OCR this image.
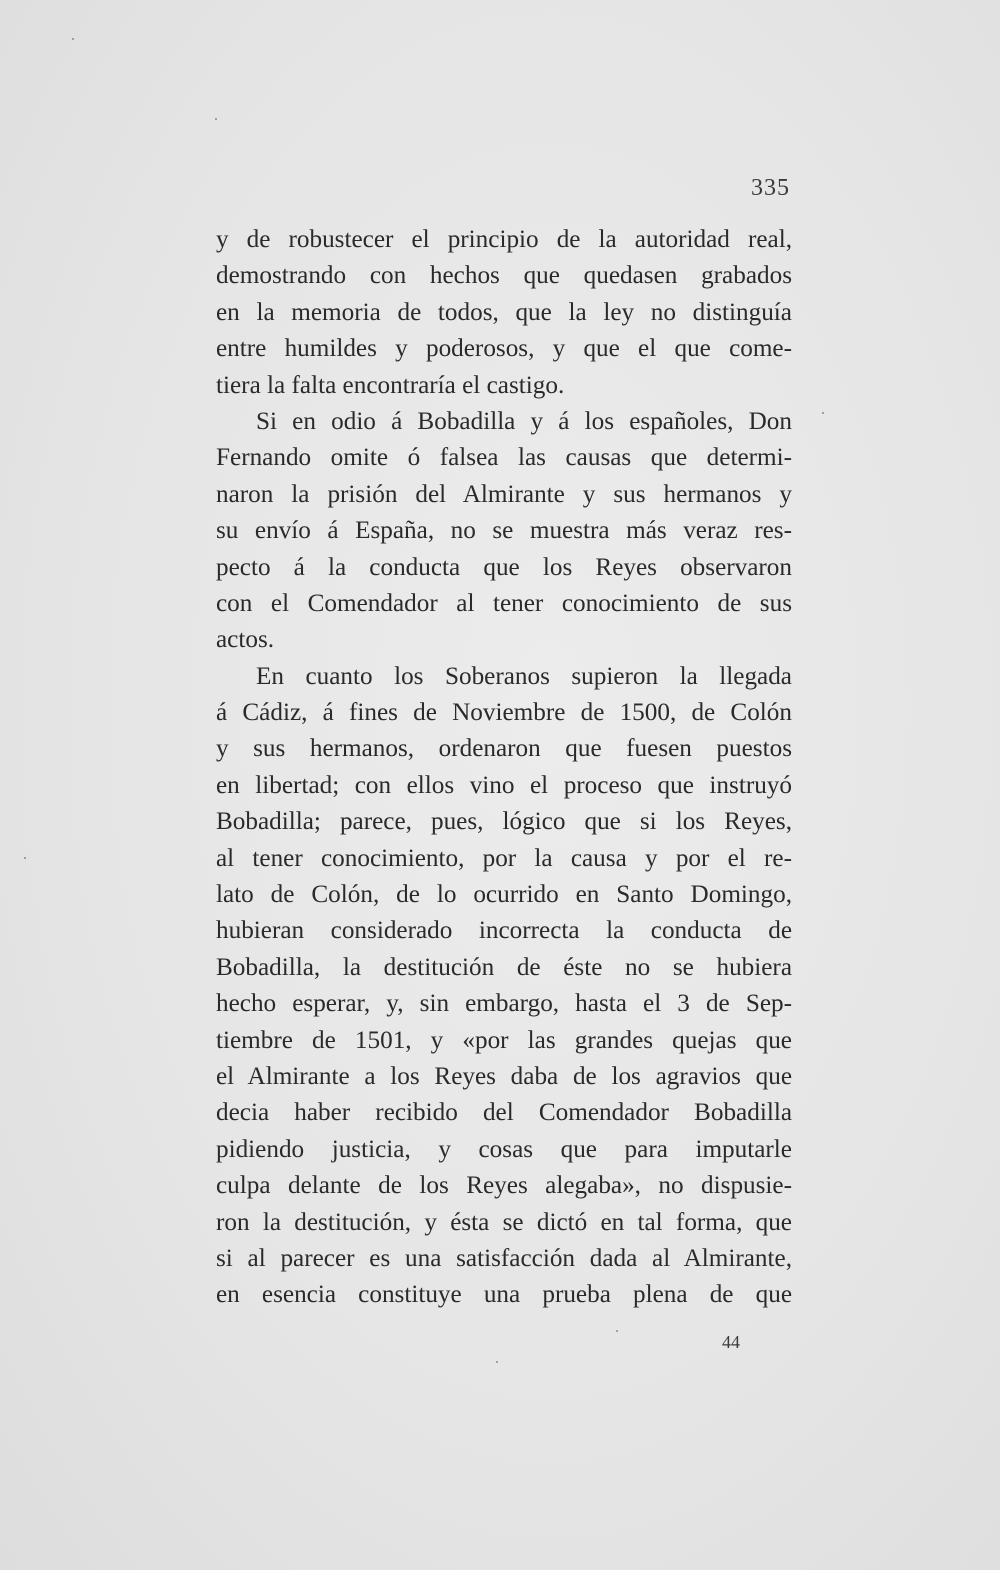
335
y de robustecer el principio de la autoridad real,
demostrando con hechos que quedasen grabados
en la memoria de todos, que la ley no distinguía
entre humildes y poderosos, y que el que come-
tiera la falta encontraría el castigo.
Si en odio á Bobadilla y á los españoles, Don
Fernando omite ó falsea las causas que determi-
naron la prisión del Almirante y sus hermanos y
su envío á España, no se muestra más veraz res-
pecto á la conducta que los Reyes observaron
con el Comendador al tener conocimiento de sus
actos.
En cuanto los Soberanos supieron la llegada
á Cádiz, á fines de Noviembre de 1500, de Colón
y sus hermanos, ordenaron que fuesen puestos
en libertad; con ellos vino el proceso que instruyó
Bobadilla; parece, pues, lógico que si los Reyes,
al tener conocimiento, por la causa y por el re-
lato de Colón, de lo ocurrido en Santo Domingo,
hubieran considerado incorrecta la conducta de
Bobadilla, la destitución de éste no se hubiera
hecho esperar, y, sin embargo, hasta el 3 de Sep-
tiembre de 1501, y «por las grandes quejas que
el Almirante a los Reyes daba de los agravios que
decia haber recibido del Comendador Bobadilla
pidiendo justicia, y cosas que para imputarle
culpa delante de los Reyes alegaba», no dispusie-
ron la destitución, y ésta se dictó en tal forma, que
si al parecer es una satisfacción dada al Almirante,
en esencia constituye una prueba plena de que
44
